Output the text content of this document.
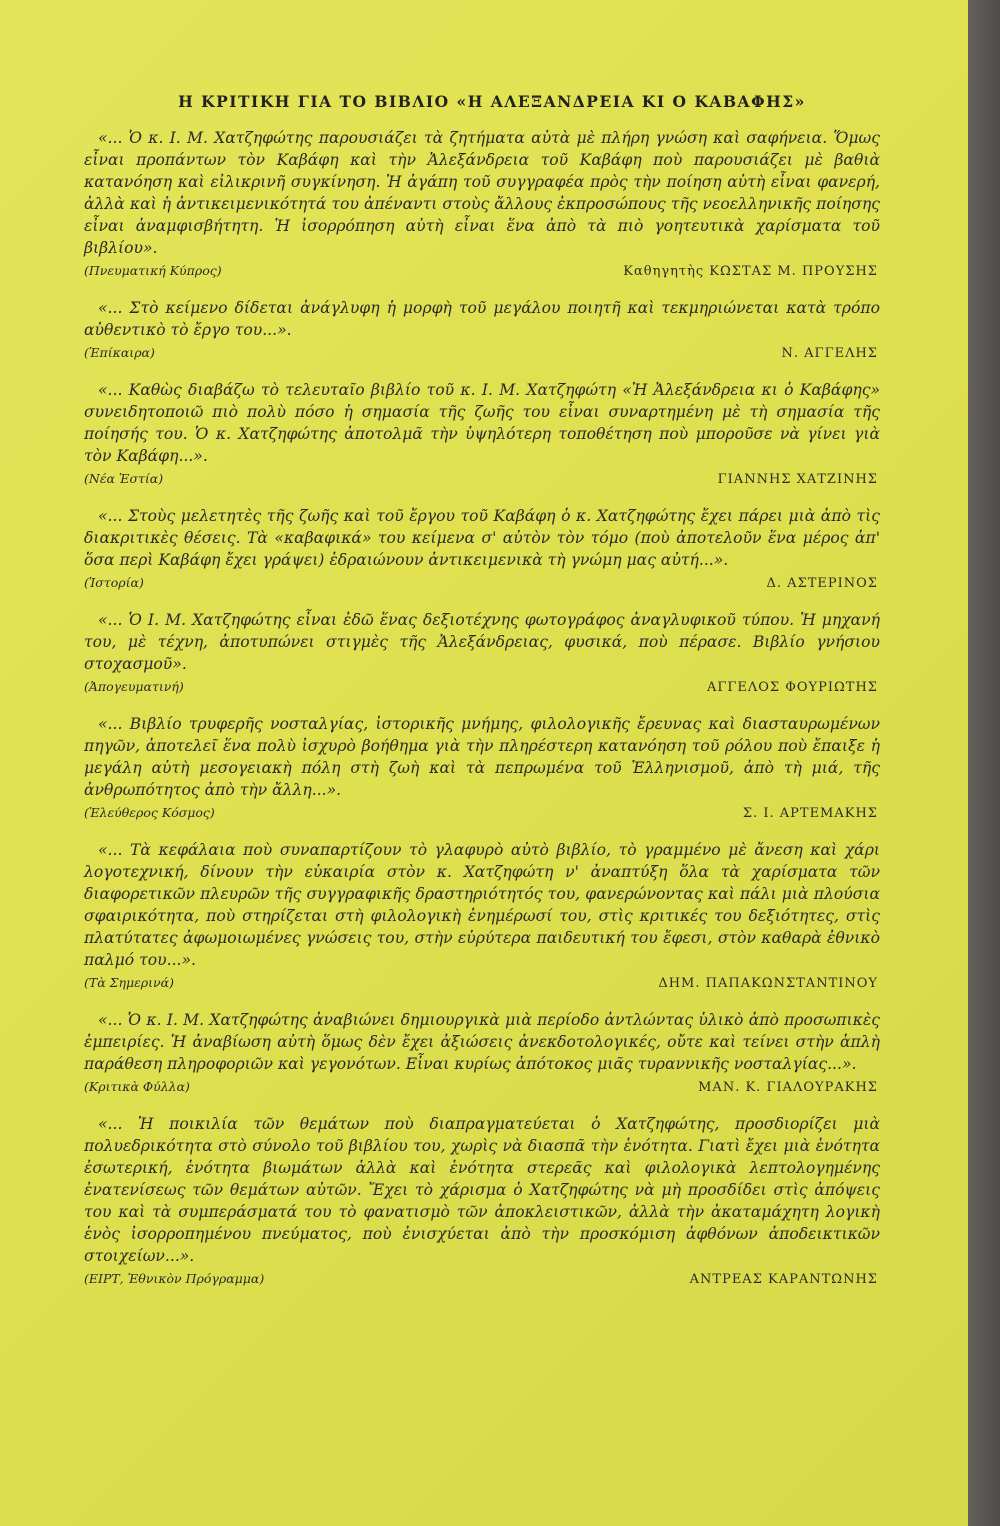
Η ΚΡΙΤΙΚΗ ΓΙΑ ΤΟ ΒΙΒΛΙΟ «Η ΑΛΕΞΑΝΔΡΕΙΑ ΚΙ Ο ΚΑΒΑΦΗΣ»

«... Ὁ κ. Ι. Μ. Χατζηφώτης παρουσιάζει τὰ ζητήματα αὐτὰ μὲ πλήρη γνώση καὶ σαφήνεια. Ὅμως εἶναι προπάντων τὸν Καβάφη καὶ τὴν Ἀλεξάνδρεια τοῦ Καβάφη ποὺ παρουσιάζει μὲ βαθιὰ κατανόηση καὶ εἰλικρινῆ συγκίνηση. Ἡ ἀγάπη τοῦ συγγραφέα πρὸς τὴν ποίηση αὐτὴ εἶναι φανερή, ἀλλὰ καὶ ἡ ἀντικειμενικότητά του ἀπέναντι στοὺς ἄλλους ἐκπροσώπους τῆς νεοελληνικῆς ποίησης εἶναι ἀναμφισβήτητη. Ἡ ἰσορρόπηση αὐτὴ εἶναι ἕνα ἀπὸ τὰ πιὸ γοητευτικὰ χαρίσματα τοῦ βιβλίου».

(Πνευματική Κύπρος)	Καθηγητὴς ΚΩΣΤΑΣ Μ. ΠΡΟΥΣΗΣ

«... Στὸ κείμενο δίδεται ἀνάγλυφη ἡ μορφὴ τοῦ μεγάλου ποιητῆ καὶ τεκμηριώνεται κατὰ τρόπο αὐθεντικὸ τὸ ἔργο του...».

(Ἐπίκαιρα)	Ν. ΑΓΓΕΛΗΣ

«... Καθὼς διαβάζω τὸ τελευταῖο βιβλίο τοῦ κ. Ι. Μ. Χατζηφώτη «Ἡ Ἀλεξάνδρεια κι ὁ Καβάφης» συνειδητοποιῶ πιὸ πολὺ πόσο ἡ σημασία τῆς ζωῆς του εἶναι συναρτημένη μὲ τὴ σημασία τῆς ποίησής του. Ὁ κ. Χατζηφώτης ἀποτολμᾶ τὴν ὑψηλότερη τοποθέτηση ποὺ μποροῦσε νὰ γίνει γιὰ τὸν Καβάφη...».

(Νέα Ἑστία)	ΓΙΑΝΝΗΣ ΧΑΤΖΙΝΗΣ

«... Στοὺς μελετητὲς τῆς ζωῆς καὶ τοῦ ἔργου τοῦ Καβάφη ὁ κ. Χατζηφώτης ἔχει πάρει μιὰ ἀπὸ τὶς διακριτικὲς θέσεις. Τὰ «καβαφικά» του κείμενα σ' αὐτὸν τὸν τόμο (ποὺ ἀποτελοῦν ἕνα μέρος ἀπ' ὅσα περὶ Καβάφη ἔχει γράψει) ἑδραιώνουν ἀντικειμενικὰ τὴ γνώμη μας αὐτή...».

(Ἱστορία)	Δ. ΑΣΤΕΡΙΝΟΣ

«... Ὁ Ι. Μ. Χατζηφώτης εἶναι ἐδῶ ἕνας δεξιοτέχνης φωτογράφος ἀναγλυφικοῦ τύπου. Ἡ μηχανή του, μὲ τέχνη, ἀποτυπώνει στιγμὲς τῆς Ἀλεξάνδρειας, φυσικά, ποὺ πέρασε. Βιβλίο γνήσιου στοχασμοῦ».

(Ἀπογευματινή)	ΑΓΓΕΛΟΣ ΦΟΥΡΙΩΤΗΣ

«... Βιβλίο τρυφερῆς νοσταλγίας, ἱστορικῆς μνήμης, φιλολογικῆς ἔρευνας καὶ διασταυρωμένων πηγῶν, ἀποτελεῖ ἕνα πολὺ ἰσχυρὸ βοήθημα γιὰ τὴν πληρέστερη κατανόηση τοῦ ρόλου ποὺ ἔπαιξε ἡ μεγάλη αὐτὴ μεσογειακὴ πόλη στὴ ζωὴ καὶ τὰ πεπρωμένα τοῦ Ἑλληνισμοῦ, ἀπὸ τὴ μιά, τῆς ἀνθρωπότητος ἀπὸ τὴν ἄλλη...».

(Ἐλεύθερος Κόσμος)	Σ. Ι. ΑΡΤΕΜΑΚΗΣ

«... Τὰ κεφάλαια ποὺ συναπαρτίζουν τὸ γλαφυρὸ αὐτὸ βιβλίο, τὸ γραμμένο μὲ ἄνεση καὶ χάρι λογοτεχνική, δίνουν τὴν εὐκαιρία στὸν κ. Χατζηφώτη ν' ἀναπτύξη ὅλα τὰ χαρίσματα τῶν διαφορετικῶν πλευρῶν τῆς συγγραφικῆς δραστηριότητός του, φανερώνοντας καὶ πάλι μιὰ πλούσια σφαιρικότητα, ποὺ στηρίζεται στὴ φιλολογικὴ ἐνημέρωσί του, στὶς κριτικές του δεξιότητες, στὶς πλατύτατες ἀφωμοιωμένες γνώσεις του, στὴν εὐρύτερα παιδευτική του ἔφεσι, στὸν καθαρὰ ἐθνικὸ παλμό του...».

(Τὰ Σημερινά)	ΔΗΜ. ΠΑΠΑΚΩΝΣΤΑΝΤΙΝΟΥ

«... Ὁ κ. Ι. Μ. Χατζηφώτης ἀναβιώνει δημιουργικὰ μιὰ περίοδο ἀντλώντας ὑλικὸ ἀπὸ προσωπικὲς ἐμπειρίες. Ἡ ἀναβίωση αὐτὴ ὅμως δὲν ἔχει ἀξιώσεις ἀνεκδοτολογικές, οὔτε καὶ τείνει στὴν ἁπλὴ παράθεση πληροφοριῶν καὶ γεγονότων. Εἶναι κυρίως ἀπότοκος μιᾶς τυραννικῆς νοσταλγίας...».

(Κριτικὰ Φύλλα)	ΜΑΝ. Κ. ΓΙΑΛΟΥΡΑΚΗΣ

«... Ἡ ποικιλία τῶν θεμάτων ποὺ διαπραγματεύεται ὁ Χατζηφώτης, προσδιορίζει μιὰ πολυεδρικότητα στὸ σύνολο τοῦ βιβλίου του, χωρὶς νὰ διασπᾶ τὴν ἑνότητα. Γιατὶ ἔχει μιὰ ἑνότητα ἐσωτερική, ἑνότητα βιωμάτων ἀλλὰ καὶ ἑνότητα στερεᾶς καὶ φιλολογικὰ λεπτολογημένης ἐνατενίσεως τῶν θεμάτων αὐτῶν. Ἔχει τὸ χάρισμα ὁ Χατζηφώτης νὰ μὴ προσδίδει στὶς ἀπόψεις του καὶ τὰ συμπεράσματά του τὸ φανατισμὸ τῶν ἀποκλειστικῶν, ἀλλὰ τὴν ἀκαταμάχητη λογικὴ ἑνὸς ἰσορροπημένου πνεύματος, ποὺ ἐνισχύεται ἀπὸ τὴν προσκόμιση ἀφθόνων ἀποδεικτικῶν στοιχείων...».

(ΕΙΡΤ, Ἐθνικὸν Πρόγραμμα)	ΑΝΤΡΕΑΣ ΚΑΡΑΝΤΩΝΗΣ
